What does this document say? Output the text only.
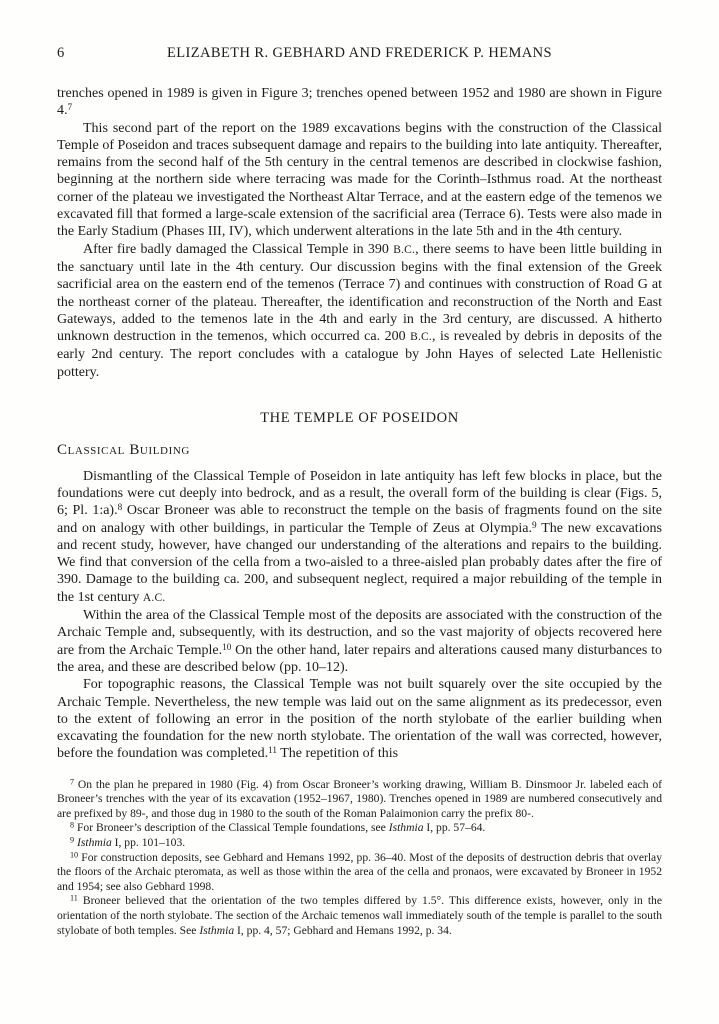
6	ELIZABETH R. GEBHARD AND FREDERICK P. HEMANS

trenches opened in 1989 is given in Figure 3; trenches opened between 1952 and 1980 are shown in Figure 4.$^7$

This second part of the report on the 1989 excavations begins with the construction of the Classical Temple of Poseidon and traces subsequent damage and repairs to the building into late antiquity. Thereafter, remains from the second half of the 5th century in the central temenos are described in clockwise fashion, beginning at the northern side where terracing was made for the Corinth–Isthmus road. At the northeast corner of the plateau we investigated the Northeast Altar Terrace, and at the eastern edge of the temenos we excavated fill that formed a large-scale extension of the sacrificial area (Terrace 6). Tests were also made in the Early Stadium (Phases III, IV), which underwent alterations in the late 5th and in the 4th century.

After fire badly damaged the Classical Temple in 390 B.C., there seems to have been little building in the sanctuary until late in the 4th century. Our discussion begins with the final extension of the Greek sacrificial area on the eastern end of the temenos (Terrace 7) and continues with construction of Road G at the northeast corner of the plateau. Thereafter, the identification and reconstruction of the North and East Gateways, added to the temenos late in the 4th and early in the 3rd century, are discussed. A hitherto unknown destruction in the temenos, which occurred ca. 200 B.C., is revealed by debris in deposits of the early 2nd century. The report concludes with a catalogue by John Hayes of selected Late Hellenistic pottery.

THE TEMPLE OF POSEIDON
Classical Building

Dismantling of the Classical Temple of Poseidon in late antiquity has left few blocks in place, but the foundations were cut deeply into bedrock, and as a result, the overall form of the building is clear (Figs. 5, 6; Pl. 1:a).$^8$ Oscar Broneer was able to reconstruct the temple on the basis of fragments found on the site and on analogy with other buildings, in particular the Temple of Zeus at Olympia.$^9$ The new excavations and recent study, however, have changed our understanding of the alterations and repairs to the building. We find that conversion of the cella from a two-aisled to a three-aisled plan probably dates after the fire of 390. Damage to the building ca. 200, and subsequent neglect, required a major rebuilding of the temple in the 1st century A.C.

Within the area of the Classical Temple most of the deposits are associated with the construction of the Archaic Temple and, subsequently, with its destruction, and so the vast majority of objects recovered here are from the Archaic Temple.$^{10}$ On the other hand, later repairs and alterations caused many disturbances to the area, and these are described below (pp. 10–12).

For topographic reasons, the Classical Temple was not built squarely over the site occupied by the Archaic Temple. Nevertheless, the new temple was laid out on the same alignment as its predecessor, even to the extent of following an error in the position of the north stylobate of the earlier building when excavating the foundation for the new north stylobate. The orientation of the wall was corrected, however, before the foundation was completed.$^{11}$ The repetition of this

$^7$ On the plan he prepared in 1980 (Fig. 4) from Oscar Broneer’s working drawing, William B. Dinsmoor Jr. labeled each of Broneer’s trenches with the year of its excavation (1952–1967, 1980). Trenches opened in 1989 are numbered consecutively and are prefixed by 89-, and those dug in 1980 to the south of the Roman Palaimonion carry the prefix 80-.

$^8$ For Broneer’s description of the Classical Temple foundations, see Isthmia I, pp. 57–64.

$^9$ Isthmia I, pp. 101–103.

$^{10}$ For construction deposits, see Gebhard and Hemans 1992, pp. 36–40. Most of the deposits of destruction debris that overlay the floors of the Archaic pteromata, as well as those within the area of the cella and pronaos, were excavated by Broneer in 1952 and 1954; see also Gebhard 1998.

$^{11}$ Broneer believed that the orientation of the two temples differed by 1.5°. This difference exists, however, only in the orientation of the north stylobate. The section of the Archaic temenos wall immediately south of the temple is parallel to the south stylobate of both temples. See Isthmia I, pp. 4, 57; Gebhard and Hemans 1992, p. 34.
